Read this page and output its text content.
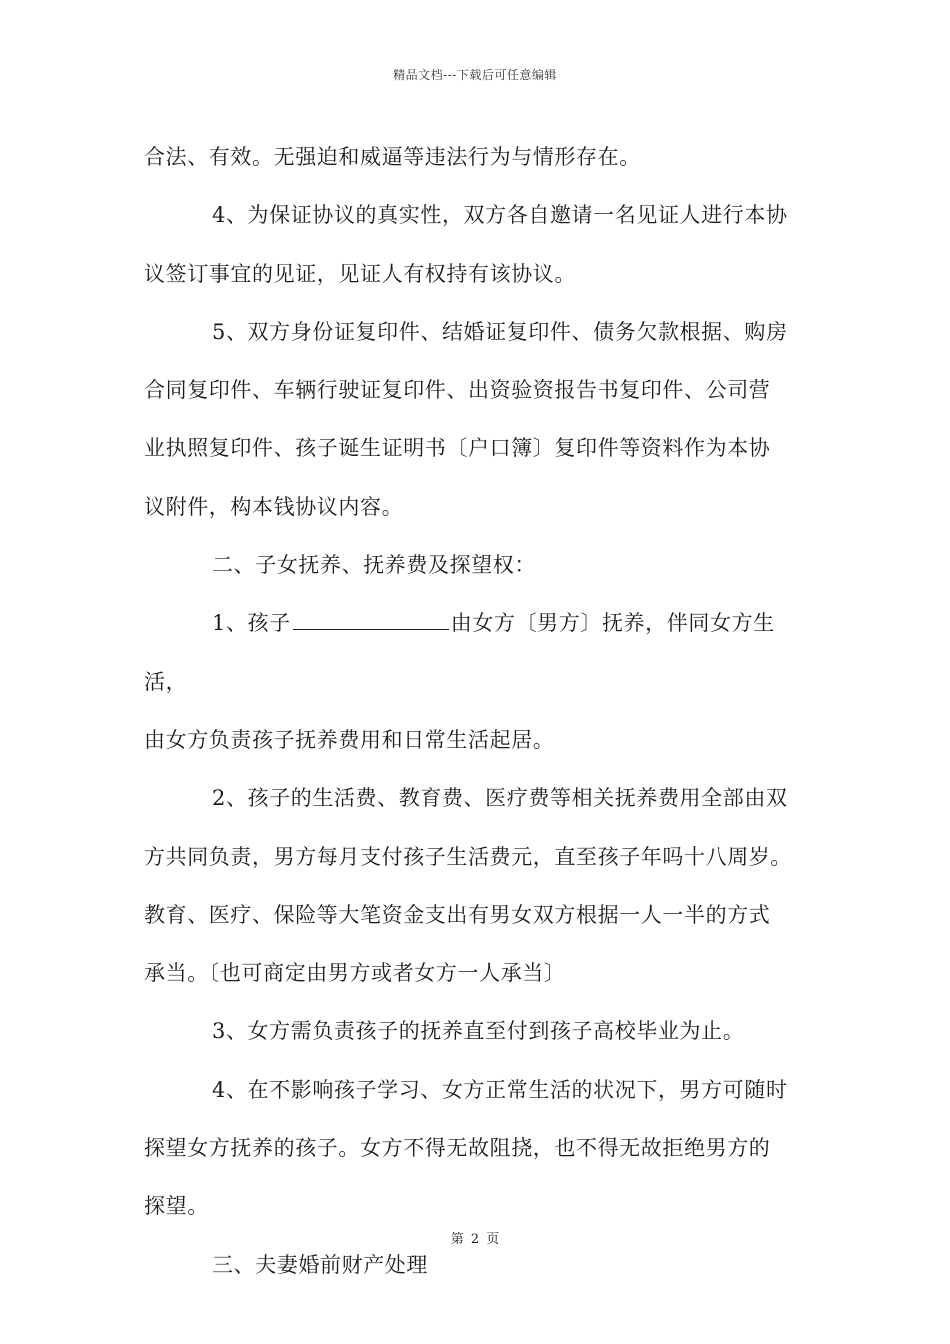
精品文档---下载后可任意编辑

合法、有效。无强迫和威逼等违法行为与情形存在。

4、为保证协议的真实性，双方各自邀请一名见证人进行本协
议签订事宜的见证，见证人有权持有该协议。

5、双方身份证复印件、结婚证复印件、债务欠款根据、购房
合同复印件、车辆行驶证复印件、出资验资报告书复印件、公司营
业执照复印件、孩子诞生证明书〔户口簿〕复印件等资料作为本协
议附件，构本钱协议内容。

二、子女抚养、抚养费及探望权：

1、孩子	由女方〔男方〕抚养，伴同女方生活，
由女方负责孩子抚养费用和日常生活起居。

2、孩子的生活费、教育费、医疗费等相关抚养费用全部由双
方共同负责，男方每月支付孩子生活费元，直至孩子年吗十八周岁。
教育、医疗、保险等大笔资金支出有男女双方根据一人一半的方式
承当。〔也可商定由男方或者女方一人承当〕

3、女方需负责孩子的抚养直至付到孩子高校毕业为止。

4、在不影响孩子学习、女方正常生活的状况下，男方可随时
探望女方抚养的孩子。女方不得无故阻挠，也不得无故拒绝男方的
探望。

三、夫妻婚前财产处理

第 2 页
